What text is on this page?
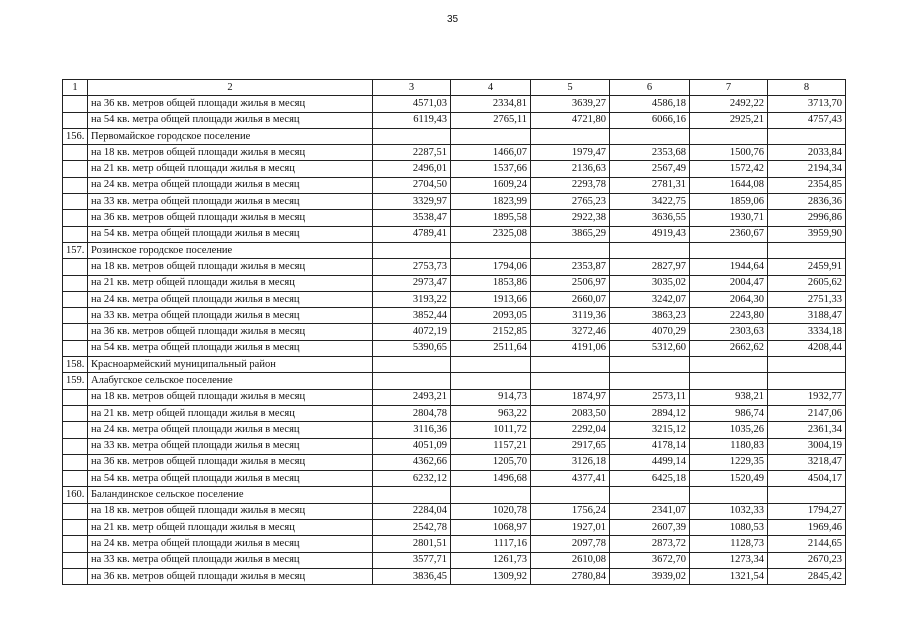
35
1	2	3	4	5	6	7	8
	на 36 кв. метров общей площади жилья в месяц	4571,03	2334,81	3639,27	4586,18	2492,22	3713,70
	на 54 кв. метра общей площади жилья в месяц	6119,43	2765,11	4721,80	6066,16	2925,21	4757,43
156.	Первомайское городское поселение						
	на 18 кв. метров общей площади жилья в месяц	2287,51	1466,07	1979,47	2353,68	1500,76	2033,84
	на 21 кв. метр общей площади жилья в месяц	2496,01	1537,66	2136,63	2567,49	1572,42	2194,34
	на 24 кв. метра общей площади жилья в месяц	2704,50	1609,24	2293,78	2781,31	1644,08	2354,85
	на 33 кв. метра общей площади жилья в месяц	3329,97	1823,99	2765,23	3422,75	1859,06	2836,36
	на 36 кв. метров общей площади жилья в месяц	3538,47	1895,58	2922,38	3636,55	1930,71	2996,86
	на 54 кв. метра общей площади жилья в месяц	4789,41	2325,08	3865,29	4919,43	2360,67	3959,90
157.	Розинское городское поселение						
	на 18 кв. метров общей площади жилья в месяц	2753,73	1794,06	2353,87	2827,97	1944,64	2459,91
	на 21 кв. метр общей площади жилья в месяц	2973,47	1853,86	2506,97	3035,02	2004,47	2605,62
	на 24 кв. метра общей площади жилья в месяц	3193,22	1913,66	2660,07	3242,07	2064,30	2751,33
	на 33 кв. метра общей площади жилья в месяц	3852,44	2093,05	3119,36	3863,23	2243,80	3188,47
	на 36 кв. метров общей площади жилья в месяц	4072,19	2152,85	3272,46	4070,29	2303,63	3334,18
	на 54 кв. метра общей площади жилья в месяц	5390,65	2511,64	4191,06	5312,60	2662,62	4208,44
158.	Красноармейский муниципальный район						
159.	Алабугское сельское поселение						
	на 18 кв. метров общей площади жилья в месяц	2493,21	914,73	1874,97	2573,11	938,21	1932,77
	на 21 кв. метр общей площади жилья в месяц	2804,78	963,22	2083,50	2894,12	986,74	2147,06
	на 24 кв. метра общей площади жилья в месяц	3116,36	1011,72	2292,04	3215,12	1035,26	2361,34
	на 33 кв. метра общей площади жилья в месяц	4051,09	1157,21	2917,65	4178,14	1180,83	3004,19
	на 36 кв. метров общей площади жилья в месяц	4362,66	1205,70	3126,18	4499,14	1229,35	3218,47
	на 54 кв. метра общей площади жилья в месяц	6232,12	1496,68	4377,41	6425,18	1520,49	4504,17
160.	Баландинское сельское поселение						
	на 18 кв. метров общей площади жилья в месяц	2284,04	1020,78	1756,24	2341,07	1032,33	1794,27
	на 21 кв. метр общей площади жилья в месяц	2542,78	1068,97	1927,01	2607,39	1080,53	1969,46
	на 24 кв. метра общей площади жилья в месяц	2801,51	1117,16	2097,78	2873,72	1128,73	2144,65
	на 33 кв. метра общей площади жилья в месяц	3577,71	1261,73	2610,08	3672,70	1273,34	2670,23
	на 36 кв. метров общей площади жилья в месяц	3836,45	1309,92	2780,84	3939,02	1321,54	2845,42
